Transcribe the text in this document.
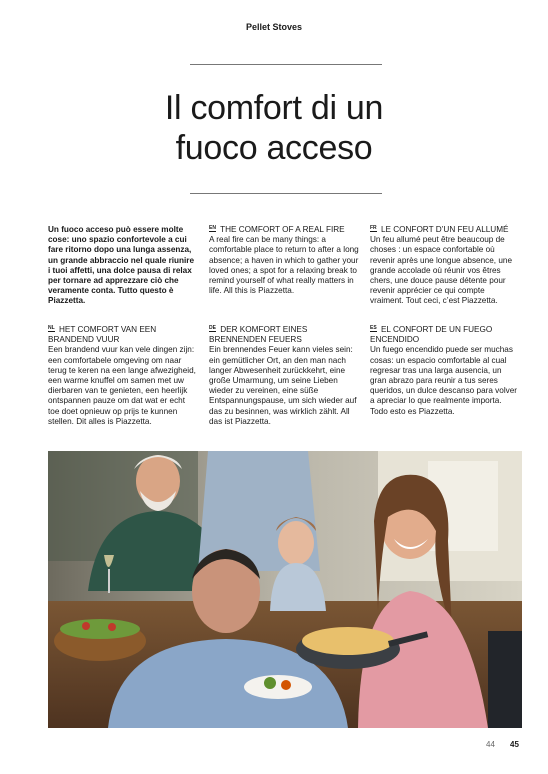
Pellet Stoves
Il comfort di un
fuoco acceso
Un fuoco acceso può essere molte cose: uno spazio confortevole a cui fare ritorno dopo una lunga assenza, un grande abbraccio nel quale riunire i tuoi affetti, una dolce pausa di relax per tornare ad apprezzare ciò che veramente conta. Tutto questo è Piazzetta.
EN THE COMFORT OF A REAL FIRE
A real fire can be many things: a comfortable place to return to after a long absence; a haven in which to gather your loved ones; a spot for a relaxing break to remind yourself of what really matters in life. All this is Piazzetta.
FR LE CONFORT D’UN FEU ALLUMÉ
Un feu allumé peut être beaucoup de choses : un espace confortable où revenir après une longue absence, une grande accolade où réunir vos êtres chers, une douce pause détente pour revenir apprécier ce qui compte vraiment. Tout ceci, c’est Piazzetta.
NL HET COMFORT VAN EEN BRANDEND VUUR
Een brandend vuur kan vele dingen zijn: een comfortabele omgeving om naar terug te keren na een lange afwezigheid, een warme knuffel om samen met uw dierbaren van te genieten, een heerlijk ontspannen pauze om dat wat er echt toe doet opnieuw op prijs te kunnen stellen. Dit alles is Piazzetta.
DE DER KOMFORT EINES BRENNENDEN FEUERS
Ein brennendes Feuer kann vieles sein: ein gemütlicher Ort, an den man nach langer Abwesenheit zurückkehrt, eine große Umarmung, um seine Lieben wieder zu vereinen, eine süße Entspannungspause, um sich wieder auf das zu besinnen, was wirklich zählt. All das ist Piazzetta.
ES EL CONFORT DE UN FUEGO ENCENDIDO
Un fuego encendido puede ser muchas cosas: un espacio comfortable al cual regresar tras una larga ausencia, un gran abrazo para reunir a tus seres queridos, un dulce descanso para volver a apreciar lo que realmente importa.
Todo esto es Piazzetta.
44 45
